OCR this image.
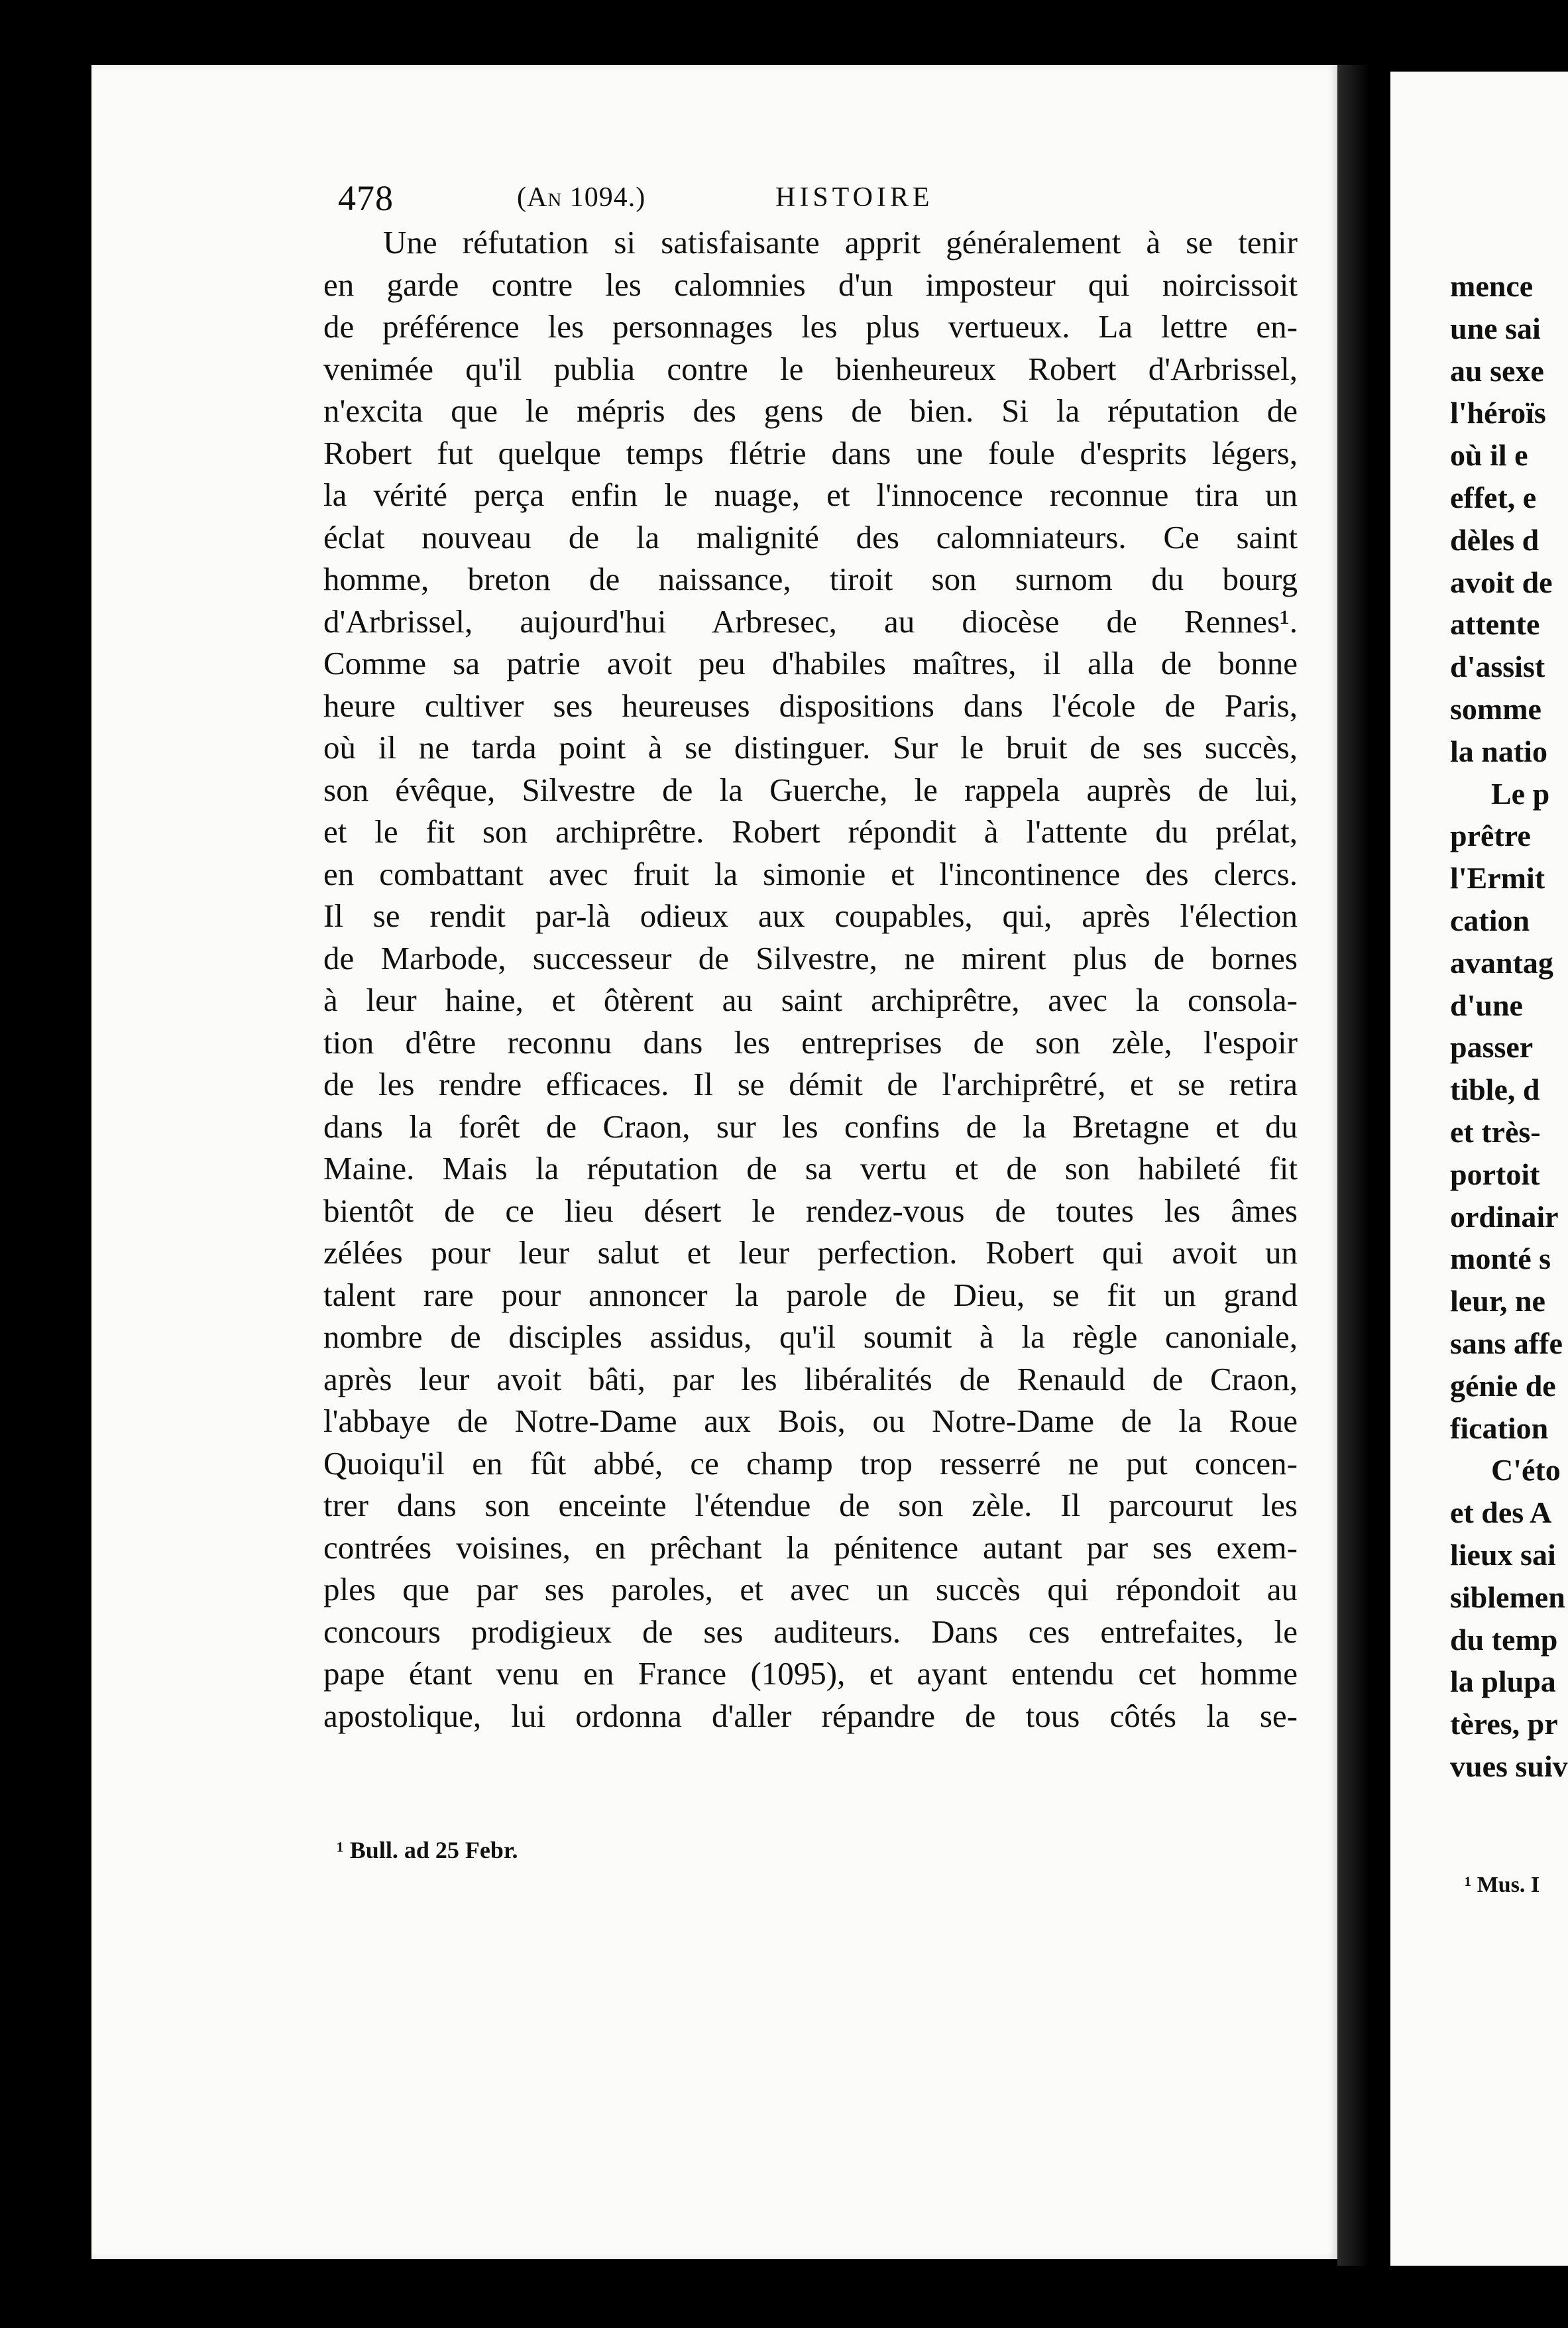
478	(An 1094.)	HISTOIRE
Une réfutation si satisfaisante apprit généralement à se tenir
en garde contre les calomnies d'un imposteur qui noircissoit
de préférence les personnages les plus vertueux. La lettre en-
venimée qu'il publia contre le bienheureux Robert d'Arbrissel,
n'excita que le mépris des gens de bien. Si la réputation de
Robert fut quelque temps flétrie dans une foule d'esprits légers,
la vérité perça enfin le nuage, et l'innocence reconnue tira un
éclat nouveau de la malignité des calomniateurs. Ce saint
homme, breton de naissance, tiroit son surnom du bourg
d'Arbrissel, aujourd'hui Arbresec, au diocèse de Rennes¹.
Comme sa patrie avoit peu d'habiles maîtres, il alla de bonne
heure cultiver ses heureuses dispositions dans l'école de Paris,
où il ne tarda point à se distinguer. Sur le bruit de ses succès,
son évêque, Silvestre de la Guerche, le rappela auprès de lui,
et le fit son archiprêtre. Robert répondit à l'attente du prélat,
en combattant avec fruit la simonie et l'incontinence des clercs.
Il se rendit par-là odieux aux coupables, qui, après l'élection
de Marbode, successeur de Silvestre, ne mirent plus de bornes
à leur haine, et ôtèrent au saint archiprêtre, avec la consola-
tion d'être reconnu dans les entreprises de son zèle, l'espoir
de les rendre efficaces. Il se démit de l'archiprêtré, et se retira
dans la forêt de Craon, sur les confins de la Bretagne et du
Maine. Mais la réputation de sa vertu et de son habileté fit
bientôt de ce lieu désert le rendez-vous de toutes les âmes
zélées pour leur salut et leur perfection. Robert qui avoit un
talent rare pour annoncer la parole de Dieu, se fit un grand
nombre de disciples assidus, qu'il soumit à la règle canoniale,
après leur avoit bâti, par les libéralités de Renauld de Craon,
l'abbaye de Notre-Dame aux Bois, ou Notre-Dame de la Roue
Quoiqu'il en fût abbé, ce champ trop resserré ne put concen-
trer dans son enceinte l'étendue de son zèle. Il parcourut les
contrées voisines, en prêchant la pénitence autant par ses exem-
ples que par ses paroles, et avec un succès qui répondoit au
concours prodigieux de ses auditeurs. Dans ces entrefaites, le
pape étant venu en France (1095), et ayant entendu cet homme
apostolique, lui ordonna d'aller répandre de tous côtés la se-
¹ Bull. ad 25 Febr.
mence
une sai
au sexe
l'héroïs
où il e
effet, e
dèles d
avoit de
attente
d'assist
somme
la natio
Le p
prêtre
l'Ermit
cation
avantag
d'une
passer
tible, d
et très-
portoit
ordinair
monté s
leur, ne
sans affe
génie de
fication
C'éto
et des A
lieux sai
siblemen
du temp
la plupa
tères, pr
vues suiv
¹ Mus. I
